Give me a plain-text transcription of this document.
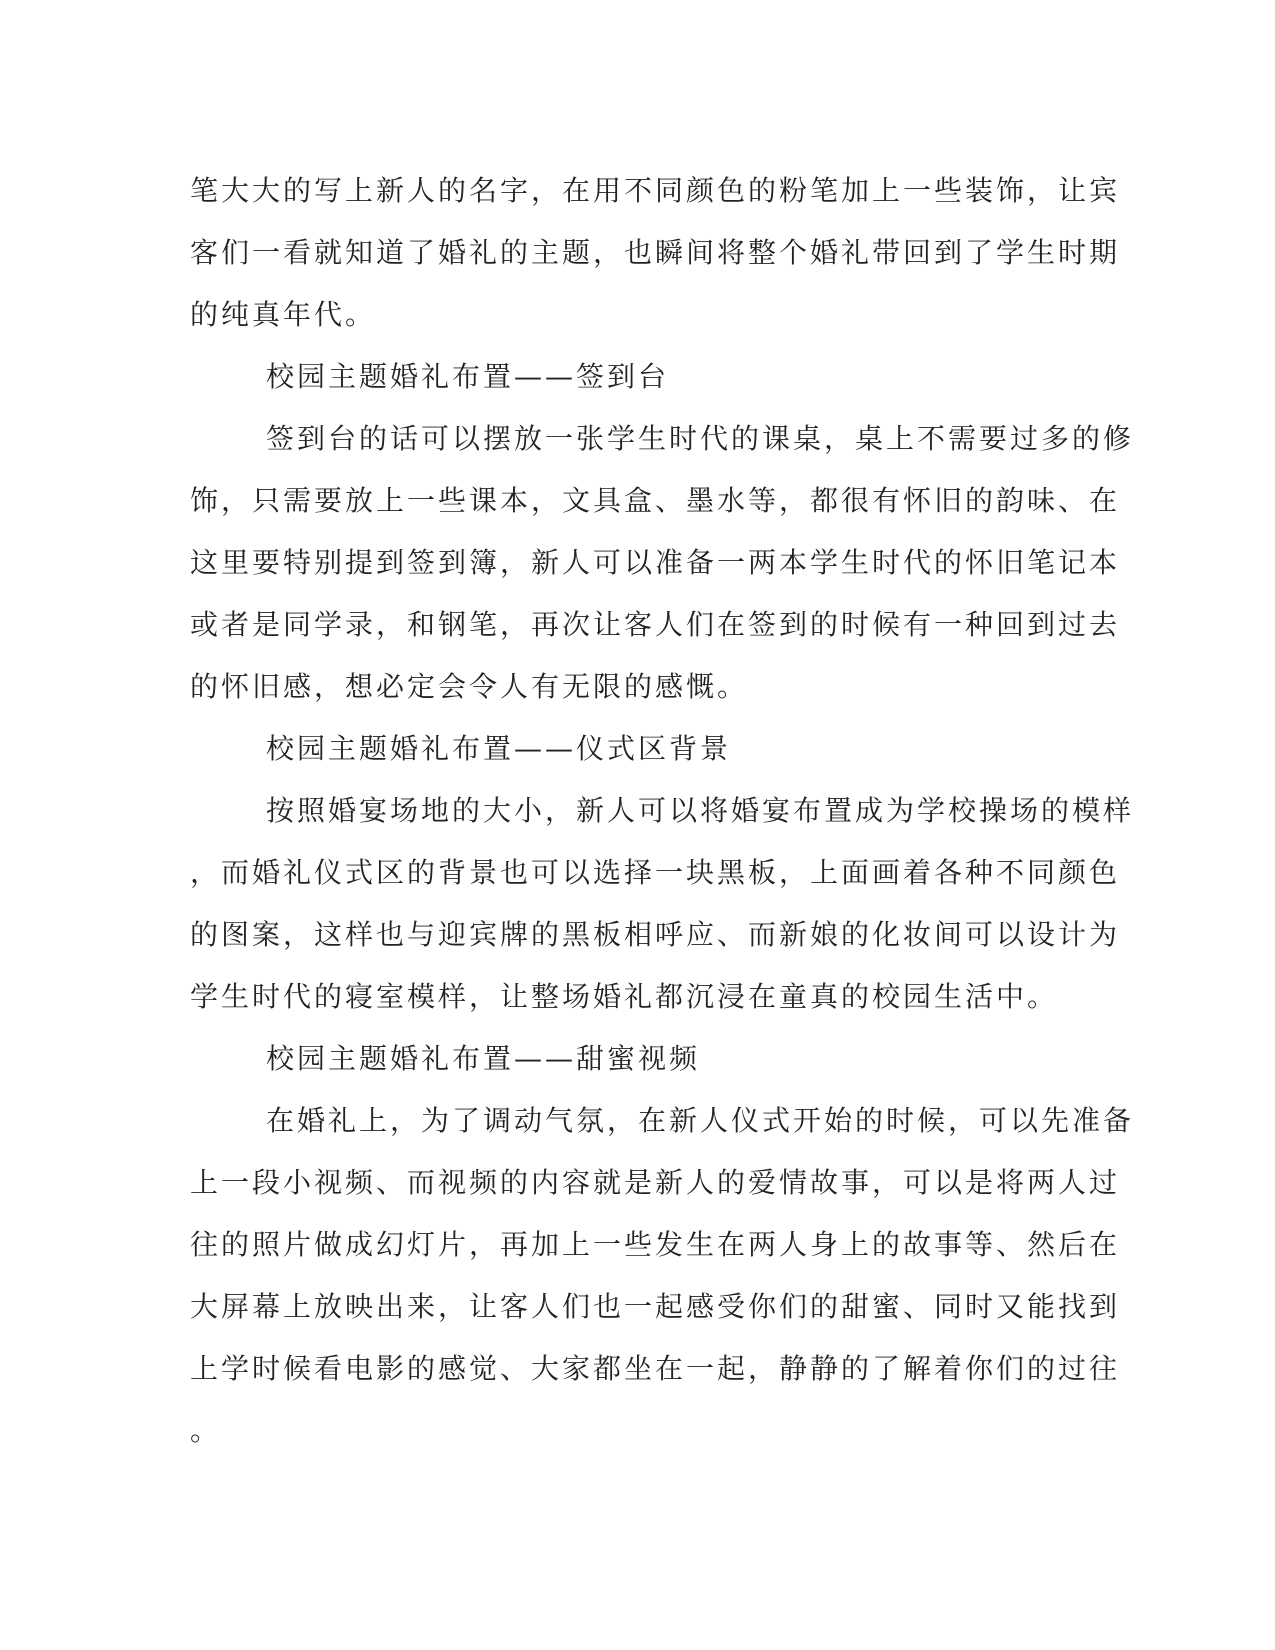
笔大大的写上新人的名字，在用不同颜色的粉笔加上一些装饰，让宾
客们一看就知道了婚礼的主题，也瞬间将整个婚礼带回到了学生时期
的纯真年代。
校园主题婚礼布置——签到台
签到台的话可以摆放一张学生时代的课桌，桌上不需要过多的修
饰，只需要放上一些课本，文具盒、墨水等，都很有怀旧的韵味、在
这里要特别提到签到簿，新人可以准备一两本学生时代的怀旧笔记本
或者是同学录，和钢笔，再次让客人们在签到的时候有一种回到过去
的怀旧感，想必定会令人有无限的感慨。
校园主题婚礼布置——仪式区背景
按照婚宴场地的大小，新人可以将婚宴布置成为学校操场的模样
，而婚礼仪式区的背景也可以选择一块黑板，上面画着各种不同颜色
的图案，这样也与迎宾牌的黑板相呼应、而新娘的化妆间可以设计为
学生时代的寝室模样，让整场婚礼都沉浸在童真的校园生活中。
校园主题婚礼布置——甜蜜视频
在婚礼上，为了调动气氛，在新人仪式开始的时候，可以先准备
上一段小视频、而视频的内容就是新人的爱情故事，可以是将两人过
往的照片做成幻灯片，再加上一些发生在两人身上的故事等、然后在
大屏幕上放映出来，让客人们也一起感受你们的甜蜜、同时又能找到
上学时候看电影的感觉、大家都坐在一起，静静的了解着你们的过往
。
